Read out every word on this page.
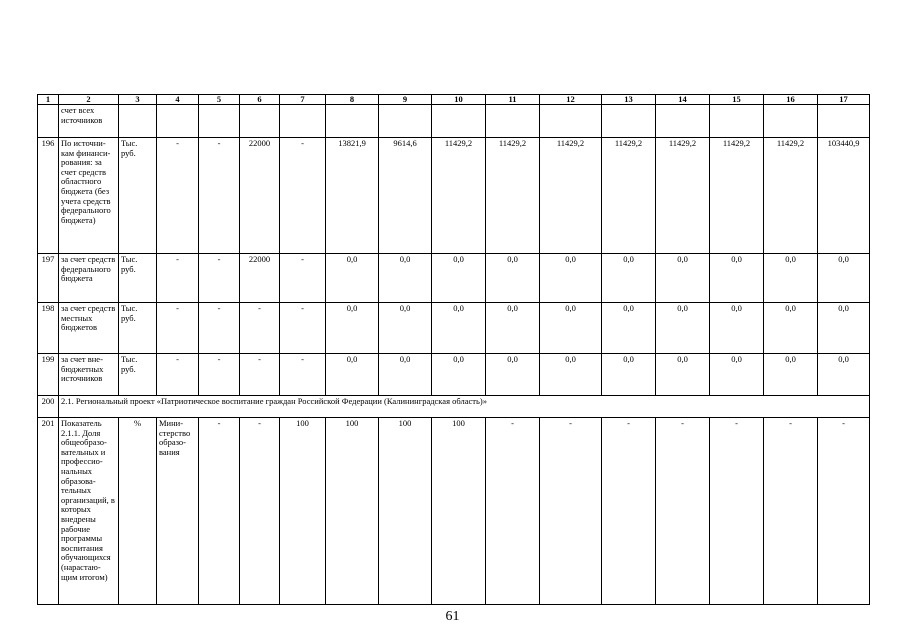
1	2	3	4	5	6	7	8	9	10	11	12	13	14	15	16	17
	счет всех источников															
196	По источни-кам финанси-рования: за счет средств областного бюджета (без учета средств федерального бюджета)	Тыс. руб.	-	-	22000	-	13821,9	9614,6	11429,2	11429,2	11429,2	11429,2	11429,2	11429,2	11429,2	103440,9
197	за счет средств федерального бюджета	Тыс. руб.	-	-	22000	-	0,0	0,0	0,0	0,0	0,0	0,0	0,0	0,0	0,0	0,0
198	за счет средств местных бюджетов	Тыс. руб.	-	-	-	-	0,0	0,0	0,0	0,0	0,0	0,0	0,0	0,0	0,0	0,0
199	за счет вне-бюджетных источников	Тыс. руб.	-	-	-	-	0,0	0,0	0,0	0,0	0,0	0,0	0,0	0,0	0,0	0,0
200	2.1. Региональный проект «Патриотическое воспитание граждан Российской Федерации (Калининградская область)»															
201	Показатель 2.1.1. Доля общеобразо-вательных и профессио-нальных образова-тельных организаций, в которых внедрены рабочие программы воспитания обучающихся (нарастаю-щим итогом)	%	Мини-стерство образо-вания	-	-	100	100	100	100	-	-	-	-	-	-	-
61
